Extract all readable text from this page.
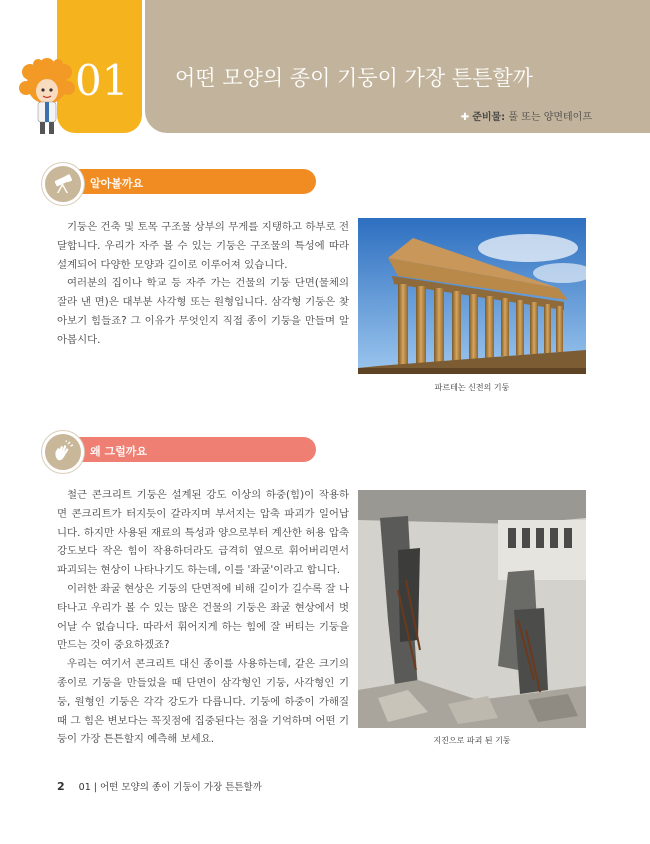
01 어떤 모양의 종이 기둥이 가장 튼튼할까
✚ 준비물: 풀 또는 양면테이프
알아볼까요

기둥은 건축 및 토목 구조물 상부의 무게를 지탱하고 하부로 전달합니다. 우리가 자주 볼 수 있는 기둥은 구조물의 특성에 따라 설계되어 다양한 모양과 길이로 이루어져 있습니다.

여러분의 집이나 학교 등 자주 가는 건물의 기둥 단면(물체의 잘라 낸 면)은 대부분 사각형 또는 원형입니다. 삼각형 기둥은 찾아보기 힘들죠? 그 이유가 무엇인지 직접 종이 기둥을 만들며 알아봅시다.

파르테논 신전의 기둥
왜 그럴까요

철근 콘크리트 기둥은 설계된 강도 이상의 하중(힘)이 작용하면 콘크리트가 터지듯이 갈라지며 부서지는 압축 파괴가 일어납니다. 하지만 사용된 재료의 특성과 양으로부터 계산한 허용 압축 강도보다 작은 힘이 작용하더라도 급격히 옆으로 휘어버리면서 파괴되는 현상이 나타나기도 하는데, 이를 '좌굴'이라고 합니다.

이러한 좌굴 현상은 기둥의 단면적에 비해 길이가 길수록 잘 나타나고 우리가 볼 수 있는 많은 건물의 기둥은 좌굴 현상에서 벗어날 수 없습니다. 따라서 휘어지게 하는 힘에 잘 버티는 기둥을 만드는 것이 중요하겠죠?

우리는 여기서 콘크리트 대신 종이를 사용하는데, 같은 크기의 종이로 기둥을 만들었을 때 단면이 삼각형인 기둥, 사각형인 기둥, 원형인 기둥은 각각 강도가 다릅니다. 기둥에 하중이 가해질 때 그 힘은 변보다는 꼭짓점에 집중된다는 점을 기억하며 어떤 기둥이 가장 튼튼할지 예측해 보세요.	지진으로 파괴 된 기둥
2 01 | 어떤 모양의 종이 기둥이 가장 튼튼할까
